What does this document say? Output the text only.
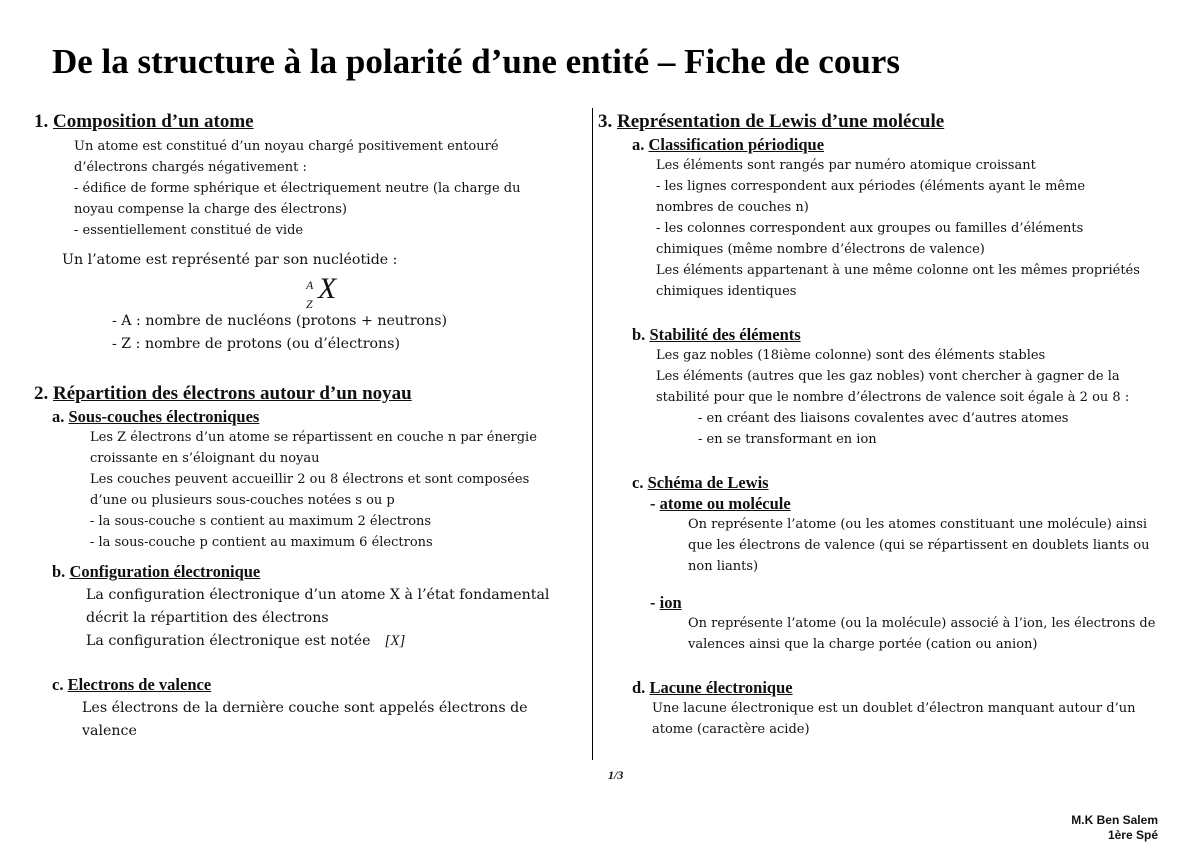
De la structure à la polarité d’une entité – Fiche de cours
1. Composition d’un atome

Un atome est constitué d’un noyau chargé positivement entouré

d’électrons chargés négativement :

- édifice de forme sphérique et électriquement neutre (la charge du

noyau compense la charge des électrons)

- essentiellement constitué de vide

Un l’atome est représenté par son nucléotide :

A
Z X

- A : nombre de nucléons (protons + neutrons)

- Z : nombre de protons (ou d’électrons)

2. Répartition des électrons autour d’un noyau
a. Sous-couches électroniques

Les Z électrons d’un atome se répartissent en couche n par énergie

croissante en s’éloignant du noyau

Les couches peuvent accueillir 2 ou 8 électrons et sont composées

d’une ou plusieurs sous-couches notées s ou p

- la sous-couche s contient au maximum 2 électrons

- la sous-couche p contient au maximum 6 électrons

b. Configuration électronique

La configuration électronique d’un atome X à l’état fondamental

décrit la répartition des électrons

La configuration électronique est notée [X]

c. Electrons de valence

Les électrons de la dernière couche sont appelés électrons de

valence

3. Représentation de Lewis d’une molécule
a. Classification périodique

Les éléments sont rangés par numéro atomique croissant

- les lignes correspondent aux périodes (éléments ayant le même

nombres de couches n)

- les colonnes correspondent aux groupes ou familles d’éléments

chimiques (même nombre d’électrons de valence)

Les éléments appartenant à une même colonne ont les mêmes propriétés

chimiques identiques

b. Stabilité des éléments

Les gaz nobles (18ième colonne) sont des éléments stables

Les éléments (autres que les gaz nobles) vont chercher à gagner de la

stabilité pour que le nombre d’électrons de valence soit égale à 2 ou 8 :

- en créant des liaisons covalentes avec d’autres atomes

- en se transformant en ion

c. Schéma de Lewis
- atome ou molécule

On représente l’atome (ou les atomes constituant une molécule) ainsi

que les électrons de valence (qui se répartissent en doublets liants ou

non liants)

- ion

On représente l’atome (ou la molécule) associé à l’ion, les électrons de

valences ainsi que la charge portée (cation ou anion)

d. Lacune électronique

Une lacune électronique est un doublet d’électron manquant autour d’un

atome (caractère acide)

1/3
M.K Ben Salem
1ère Spé
